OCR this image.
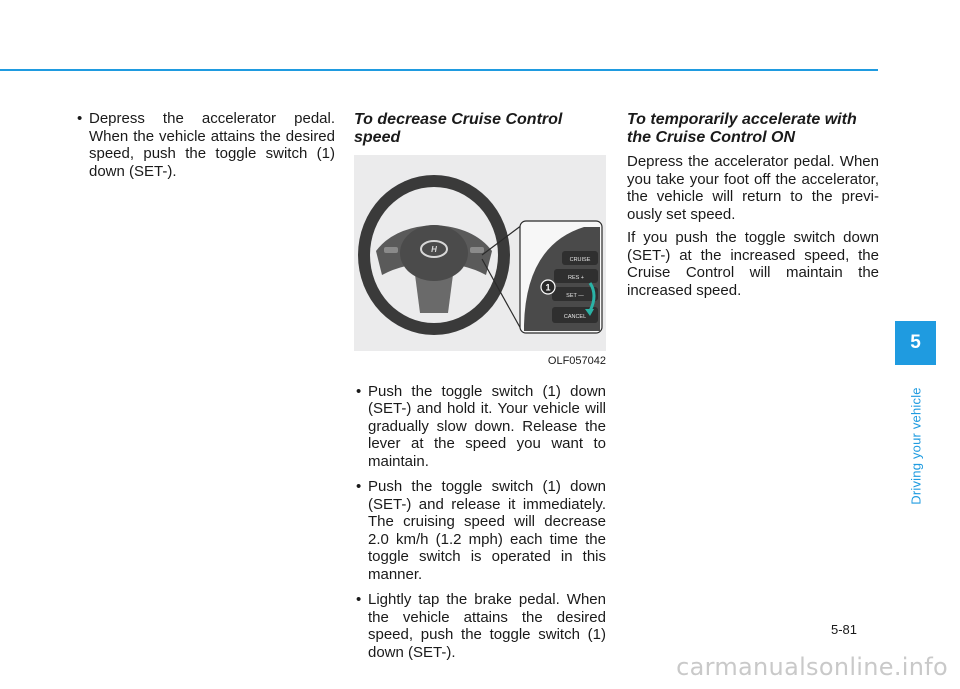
• Depress the accelerator pedal. When the vehicle attains the desired speed, push the toggle switch (1) down (SET-).
To decrease Cruise Control speed
H
CRUISE
RES +
SET —
CANCEL
1
OLF057042
• Push the toggle switch (1) down (SET-) and hold it. Your vehicle will gradually slow down. Release the lever at the speed you want to maintain.
• Push the toggle switch (1) down (SET-) and release it immediately. The cruising speed will decrease 2.0 km/h (1.2 mph) each time the toggle switch is operated in this manner.
• Lightly tap the brake pedal. When the vehicle attains the desired speed, push the toggle switch (1) down (SET-).
To temporarily accelerate with the Cruise Control ON

Depress the accelerator pedal. When you take your foot off the accelerator, the vehicle will return to the previ-ously set speed.

If you push the toggle switch down (SET-) at the increased speed, the Cruise Control will maintain the increased speed.

5
Driving your vehicle
5-81
carmanualsonline.info
